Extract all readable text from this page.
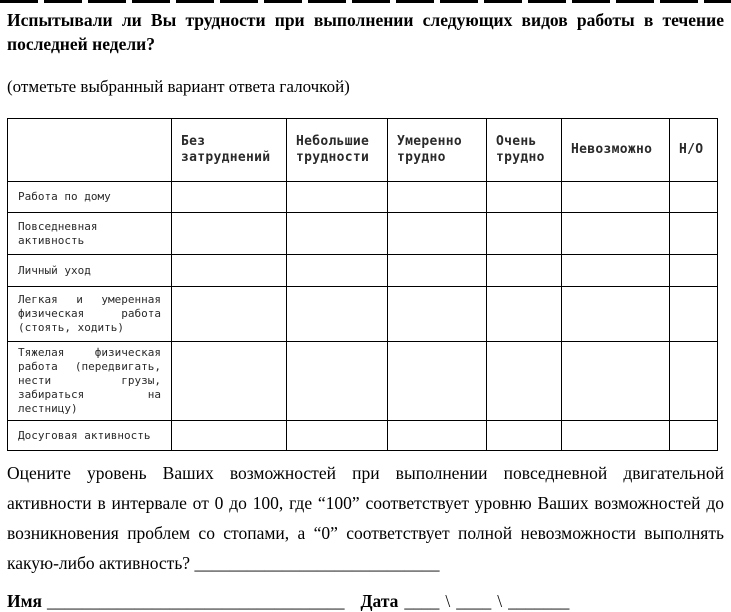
Испытывали ли Вы трудности при выполнении следующих видов работы в течение последней недели?
(отметьте выбранный вариант ответа галочкой)
	Без затруднений	Небольшие трудности	Умеренно трудно	Очень трудно	Невозможно	Н/О
Работа по дому						
Повседневная активность						
Личный уход						
Легкая и умеренная физическая работа (стоять, ходить)						
Тяжелая физическая работа (передвигать, нести грузы, забираться на лестницу)						
Досуговая активность						

Оцените уровень Ваших возможностей при выполнении повседневной двигательной активности в интервале от 0 до 100, где “100” соответствует уровню Ваших возможностей до возникновения проблем со стопами, а “0” соответствует полной невозможности выполнять какую-либо активность? ____________________________

Имя __________________________________ Дата ____ \ ____ \ _______
